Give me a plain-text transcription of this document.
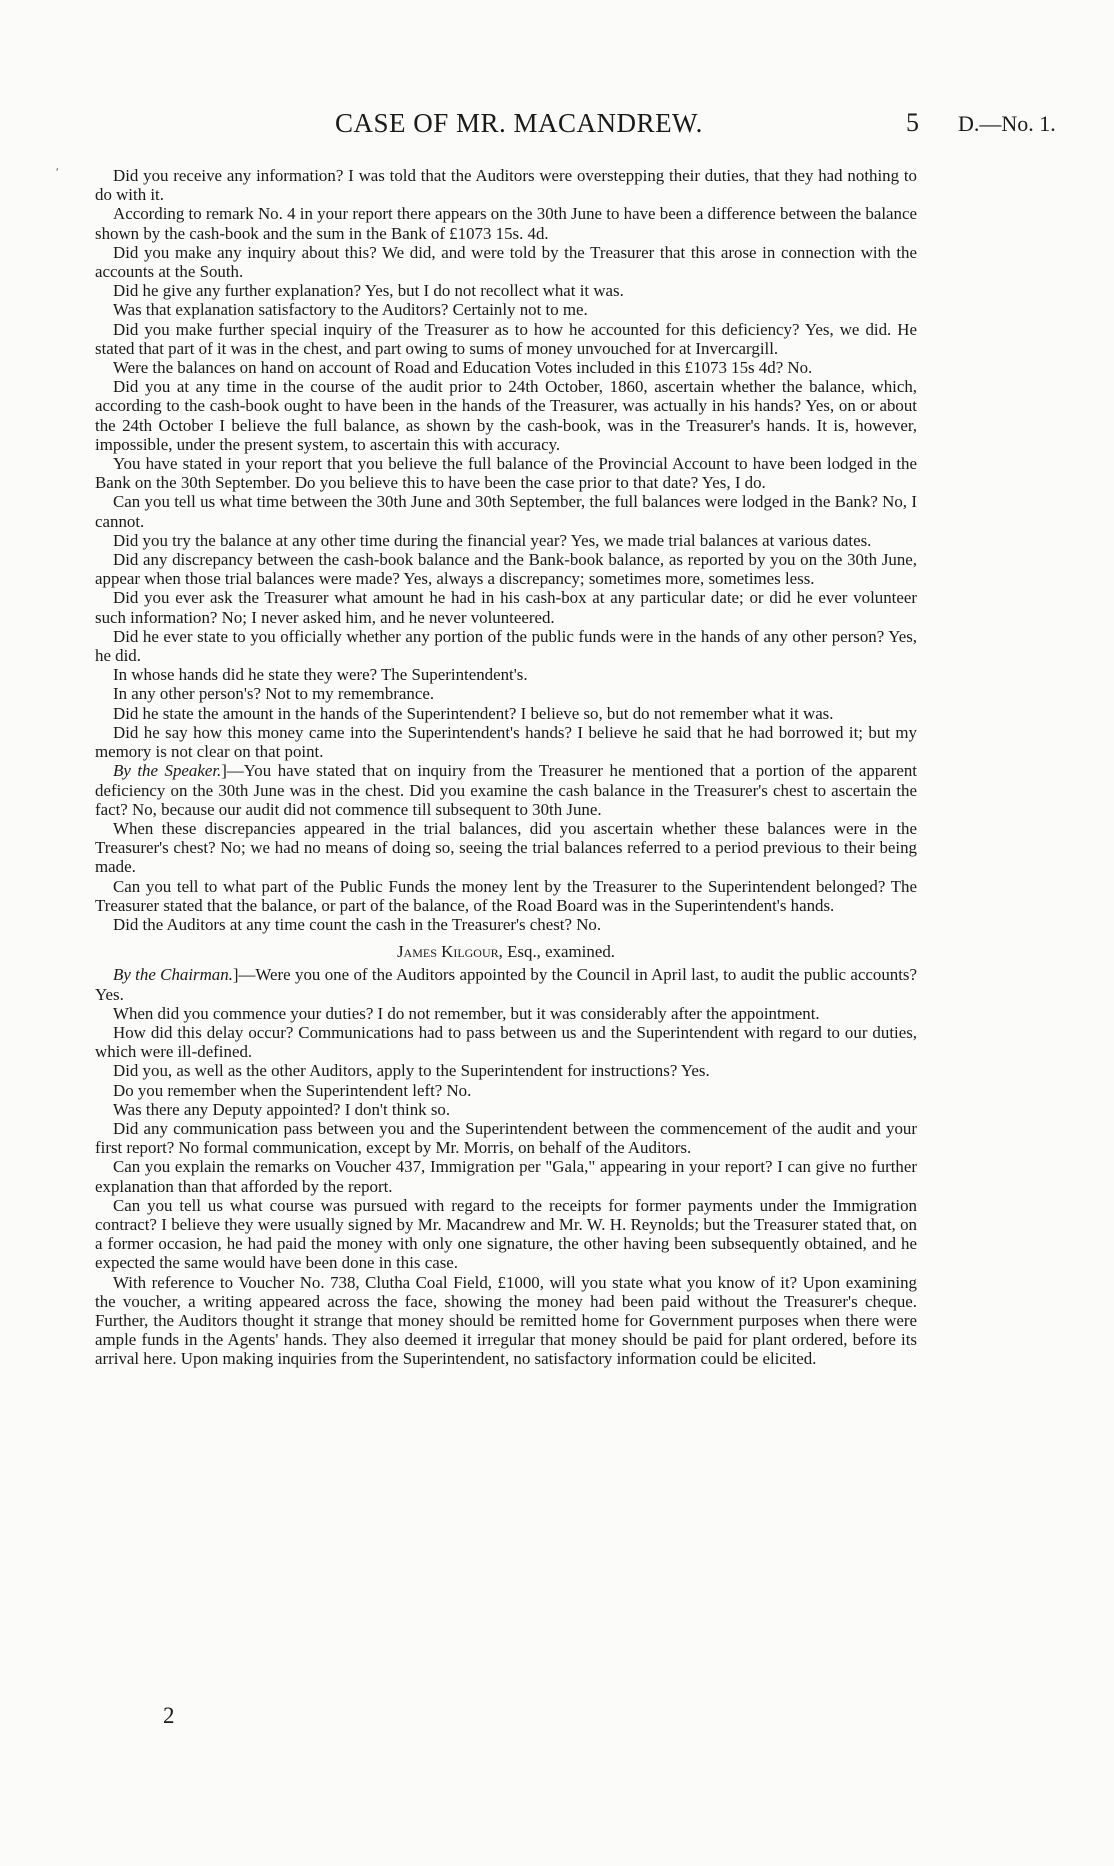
CASE OF MR. MACANDREW.	5 D.—No. 1.
ʹ	Did you receive any information? I was told that the Auditors were overstepping their duties, that they had nothing to do with it.

According to remark No. 4 in your report there appears on the 30th June to have been a difference between the balance shown by the cash-book and the sum in the Bank of £1073 15s. 4d.

Did you make any inquiry about this? We did, and were told by the Treasurer that this arose in connection with the accounts at the South.

Did he give any further explanation? Yes, but I do not recollect what it was.

Was that explanation satisfactory to the Auditors? Certainly not to me.

Did you make further special inquiry of the Treasurer as to how he accounted for this deficiency? Yes, we did. He stated that part of it was in the chest, and part owing to sums of money unvouched for at Invercargill.

Were the balances on hand on account of Road and Education Votes included in this £1073 15s 4d? No.

Did you at any time in the course of the audit prior to 24th October, 1860, ascertain whether the balance, which, according to the cash-book ought to have been in the hands of the Treasurer, was actually in his hands? Yes, on or about the 24th October I believe the full balance, as shown by the cash-book, was in the Treasurer's hands. It is, however, impossible, under the present system, to ascertain this with accuracy.

You have stated in your report that you believe the full balance of the Provincial Account to have been lodged in the Bank on the 30th September. Do you believe this to have been the case prior to that date? Yes, I do.

Can you tell us what time between the 30th June and 30th September, the full balances were lodged in the Bank? No, I cannot.

Did you try the balance at any other time during the financial year? Yes, we made trial balances at various dates.

Did any discrepancy between the cash-book balance and the Bank-book balance, as reported by you on the 30th June, appear when those trial balances were made? Yes, always a discrepancy; sometimes more, sometimes less.

Did you ever ask the Treasurer what amount he had in his cash-box at any particular date; or did he ever volunteer such information? No; I never asked him, and he never volunteered.

Did he ever state to you officially whether any portion of the public funds were in the hands of any other person? Yes, he did.

In whose hands did he state they were? The Superintendent's.

In any other person's? Not to my remembrance.

Did he state the amount in the hands of the Superintendent? I believe so, but do not remember what it was.

Did he say how this money came into the Superintendent's hands? I believe he said that he had borrowed it; but my memory is not clear on that point.

By the Speaker.]—You have stated that on inquiry from the Treasurer he mentioned that a portion of the apparent deficiency on the 30th June was in the chest. Did you examine the cash balance in the Treasurer's chest to ascertain the fact? No, because our audit did not commence till subsequent to 30th June.

When these discrepancies appeared in the trial balances, did you ascertain whether these balances were in the Treasurer's chest? No; we had no means of doing so, seeing the trial balances referred to a period previous to their being made.

Can you tell to what part of the Public Funds the money lent by the Treasurer to the Superintendent belonged? The Treasurer stated that the balance, or part of the balance, of the Road Board was in the Superintendent's hands.

Did the Auditors at any time count the cash in the Treasurer's chest? No.

James Kilgour, Esq., examined.

By the Chairman.]—Were you one of the Auditors appointed by the Council in April last, to audit the public accounts? Yes.

When did you commence your duties? I do not remember, but it was considerably after the appointment.

How did this delay occur? Communications had to pass between us and the Superintendent with regard to our duties, which were ill-defined.

Did you, as well as the other Auditors, apply to the Superintendent for instructions? Yes.

Do you remember when the Superintendent left? No.

Was there any Deputy appointed? I don't think so.

Did any communication pass between you and the Superintendent between the commencement of the audit and your first report? No formal communication, except by Mr. Morris, on behalf of the Auditors.

Can you explain the remarks on Voucher 437, Immigration per "Gala," appearing in your report? I can give no further explanation than that afforded by the report.

Can you tell us what course was pursued with regard to the receipts for former payments under the Immigration contract? I believe they were usually signed by Mr. Macandrew and Mr. W. H. Reynolds; but the Treasurer stated that, on a former occasion, he had paid the money with only one signature, the other having been subsequently obtained, and he expected the same would have been done in this case.

With reference to Voucher No. 738, Clutha Coal Field, £1000, will you state what you know of it? Upon examining the voucher, a writing appeared across the face, showing the money had been paid without the Treasurer's cheque. Further, the Auditors thought it strange that money should be remitted home for Government purposes when there were ample funds in the Agents' hands. They also deemed it irregular that money should be paid for plant ordered, before its arrival here. Upon making inquiries from the Superintendent, no satisfactory information could be elicited.

2
